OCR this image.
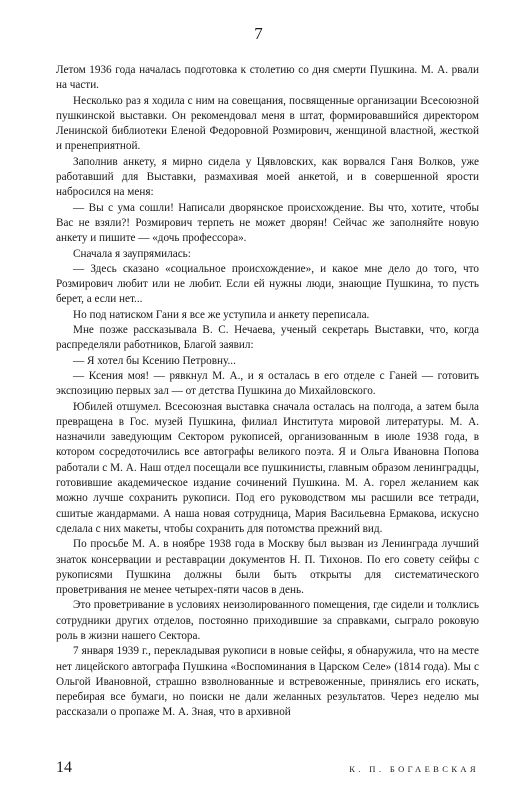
7

Летом 1936 года началась подготовка к столетию со дня смерти Пушкина. М. А. рвали на части.

Несколько раз я ходила с ним на совещания, посвященные организации Всесоюзной пушкинской выставки. Он рекомендовал меня в штат, формировавшийся директором Ленинской библиотеки Еленой Федоровной Розмирович, женщиной властной, жесткой и пренеприятной.

Заполнив анкету, я мирно сидела у Цявловских, как ворвался Ганя Волков, уже работавший для Выставки, размахивая моей анкетой, и в совершенной ярости набросился на меня:

— Вы с ума сошли! Написали дворянское происхождение. Вы что, хотите, чтобы Вас не взяли?! Розмирович терпеть не может дворян! Сейчас же заполняйте новую анкету и пишите — «дочь профессора».

Сначала я заупрямилась:

— Здесь сказано «социальное происхождение», и какое мне дело до того, что Розмирович любит или не любит. Если ей нужны люди, знающие Пушкина, то пусть берет, а если нет...

Но под натиском Гани я все же уступила и анкету переписала.

Мне позже рассказывала В. С. Нечаева, ученый секретарь Выставки, что, когда распределяли работников, Благой заявил:

— Я хотел бы Ксению Петровну...

— Ксения моя! — рявкнул М. А., и я осталась в его отделе с Ганей — готовить экспозицию первых зал — от детства Пушкина до Михайловского.

Юбилей отшумел. Всесоюзная выставка сначала осталась на полгода, а затем была превращена в Гос. музей Пушкина, филиал Института мировой литературы. М. А. назначили заведующим Сектором рукописей, организованным в июле 1938 года, в котором сосредоточились все автографы великого поэта. Я и Ольга Ивановна Попова работали с М. А. Наш отдел посещали все пушкинисты, главным образом ленинградцы, готовившие академическое издание сочинений Пушкина. М. А. горел желанием как можно лучше сохранить рукописи. Под его руководством мы расшили все тетради, сшитые жандармами. А наша новая сотрудница, Мария Васильевна Ермакова, искусно сделала с них макеты, чтобы сохранить для потомства прежний вид.

По просьбе М. А. в ноябре 1938 года в Москву был вызван из Ленинграда лучший знаток консервации и реставрации документов Н. П. Тихонов. По его совету сейфы с рукописями Пушкина должны были быть открыты для систематического проветривания не менее четырех-пяти часов в день.

Это проветривание в условиях неизолированного помещения, где сидели и толклись сотрудники других отделов, постоянно приходившие за справками, сыграло роковую роль в жизни нашего Сектора.

7 января 1939 г., перекладывая рукописи в новые сейфы, я обнаружила, что на месте нет лицейского автографа Пушкина «Воспоминания в Царском Селе» (1814 года). Мы с Ольгой Ивановной, страшно взволнованные и встревоженные, принялись его искать, перебирая все бумаги, но поиски не дали желанных результатов. Через неделю мы рассказали о пропаже М. А. Зная, что в архивной

14	К. П. БОГАЕВСКАЯ
